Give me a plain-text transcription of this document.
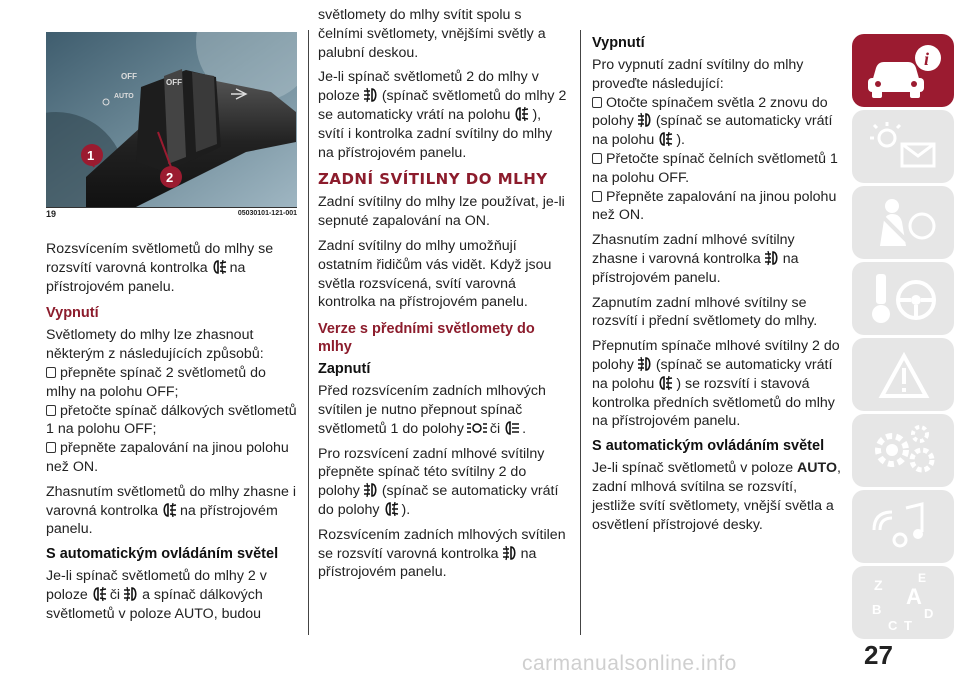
OFF
OFF
AUTO
1
2
19	05030101-121-001

Rozsvícením světlometů do mlhy se rozsvítí varovná kontrolka na přístrojovém panelu.

Vypnutí

Světlomety do mlhy lze zhasnout některým z následujících způsobů:

přepněte spínač 2 světlometů do mlhy na polohu OFF;

přetočte spínač dálkových světlometů 1 na polohu OFF;

přepněte zapalování na jinou polohu než ON.

Zhasnutím světlometů do mlhy zhasne i varovná kontrolka na přístrojovém panelu.

S automatickým ovládáním světel

Je-li spínač světlometů do mlhy 2 v poloze či a spínač dálkových světlometů v poloze AUTO, budou

světlomety do mlhy svítit spolu s čelními světlomety, vnějšími světly a palubní deskou.

Je-li spínač světlometů 2 do mlhy v poloze (spínač světlometů do mlhy 2 se automaticky vrátí na polohu ), svítí i kontrolka zadní svítilny do mlhy na přístrojovém panelu.

ZADNÍ SVÍTILNY DO MLHY

Zadní svítilny do mlhy lze používat, je-li sepnuté zapalování na ON.

Zadní svítilny do mlhy umožňují ostatním řidičům vás vidět. Když jsou světla rozsvícená, svítí varovná kontrolka na přístrojovém panelu.

Verze s předními světlomety do mlhy
Zapnutí

Před rozsvícením zadních mlhových svítilen je nutno přepnout spínač světlometů 1 do polohy či .

Pro rozsvícení zadní mlhové svítilny přepněte spínač této svítilny 2 do polohy (spínač se automaticky vrátí do polohy ).

Rozsvícením zadních mlhových svítilen se rozsvítí varovná kontrolka na přístrojovém panelu.

Vypnutí

Pro vypnutí zadní svítilny do mlhy proveďte následující:

Otočte spínačem světla 2 znovu do polohy (spínač se automaticky vrátí na polohu ).

Přetočte spínač čelních světlometů 1 na polohu OFF.

Přepněte zapalování na jinou polohu než ON.

Zhasnutím zadní mlhové svítilny zhasne i varovná kontrolka na přístrojovém panelu.

Zapnutím zadní mlhové svítilny se rozsvítí i přední světlomety do mlhy.

Přepnutím spínače mlhové svítilny 2 do polohy (spínač se automaticky vrátí na polohu ) se rozsvítí i stavová kontrolka předních světlometů do mlhy na přístrojovém panelu.

S automatickým ovládáním světel

Je-li spínač světlometů v poloze AUTO, zadní mlhová svítilna se rozsvítí, jestliže svítí světlomety, vnější světla a osvětlení přístrojové desky.

i
Z	E
B
A
C T
D
27
carmanualsonline.info
